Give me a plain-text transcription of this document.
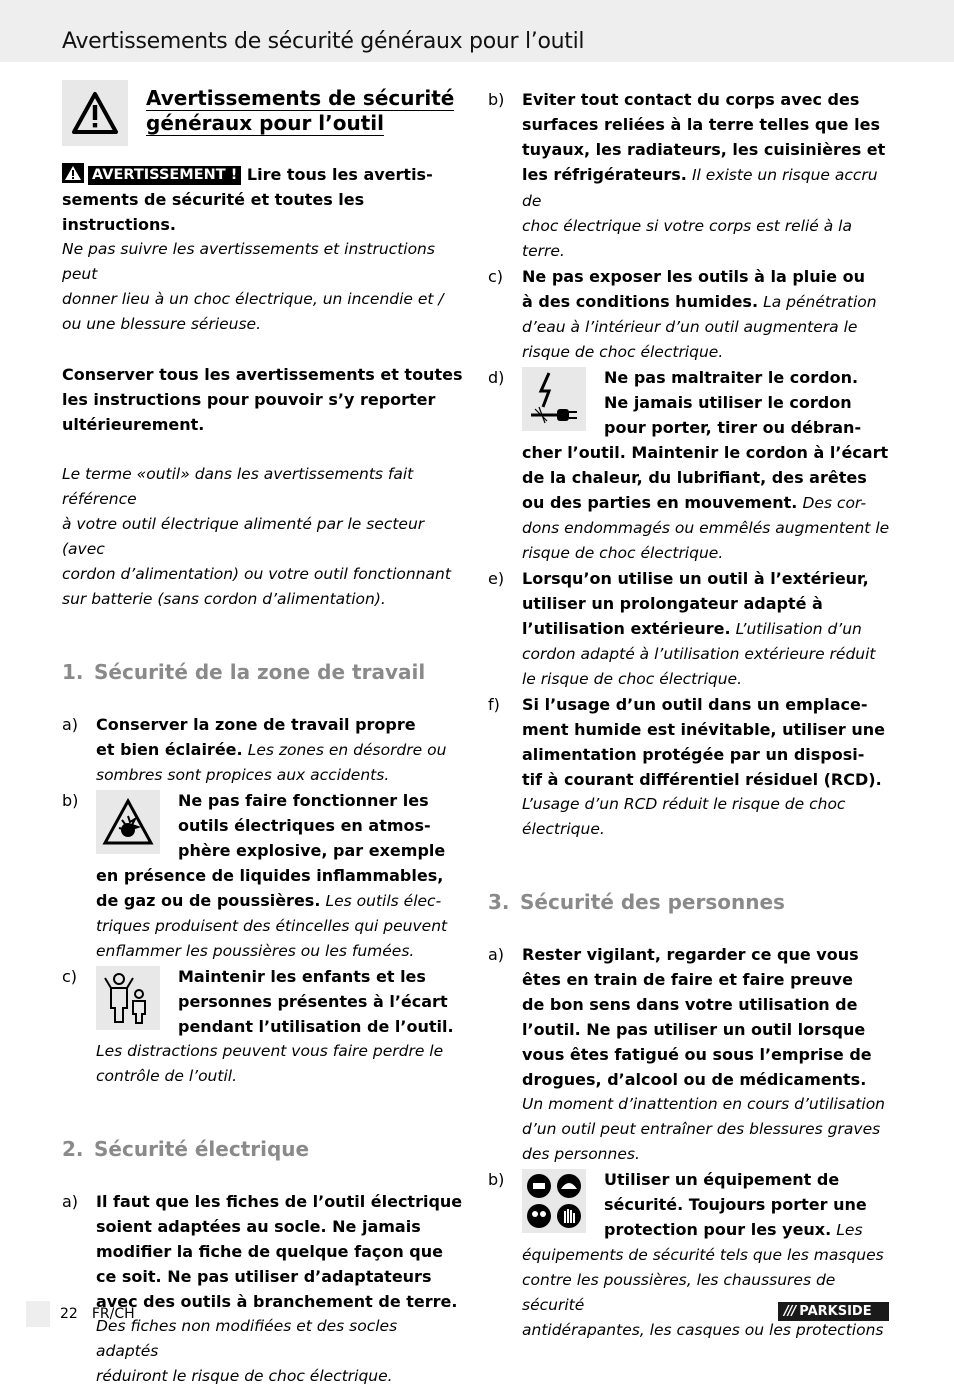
Avertissements de sécurité généraux pour l’outil
Avertissements de sécurité
généraux pour l’outil

AVERTISSEMENT ! Lire tous les avertis-
sements de sécurité et toutes les instructions.

Ne pas suivre les avertissements et instructions peut

donner lieu à un choc électrique, un incendie et /

ou une blessure sérieuse.

Conserver tous les avertissements et toutes

les instructions pour pouvoir s’y reporter

ultérieurement.

Le terme «outil» dans les avertissements fait référence

à votre outil électrique alimenté par le secteur (avec

cordon d’alimentation) ou votre outil fonctionnant

sur batterie (sans cordon d’alimentation).

1. Sécurité de la zone de travail

a)	Conserver la zone de travail propre

et bien éclairée. Les zones en désordre ou

sombres sont propices aux accidents.

b)	Ne pas faire fonctionner les

outils électriques en atmos-

phère explosive, par exemple

en présence de liquides inflammables,

de gaz ou de poussières. Les outils élec-

triques produisent des étincelles qui peuvent

enflammer les poussières ou les fumées.

c)	Maintenir les enfants et les

personnes présentes à l’écart

pendant l’utilisation de l’outil.

Les distractions peuvent vous faire perdre le

contrôle de l’outil.

2. Sécurité électrique

a)	Il faut que les fiches de l’outil électrique

soient adaptées au socle. Ne jamais

modifier la fiche de quelque façon que

ce soit. Ne pas utiliser d’adaptateurs

avec des outils à branchement de terre.

Des fiches non modifiées et des socles adaptés

réduiront le risque de choc électrique.

b)	Eviter tout contact du corps avec des

surfaces reliées à la terre telles que les

tuyaux, les radiateurs, les cuisinières et

les réfrigérateurs. Il existe un risque accru de

choc électrique si votre corps est relié à la terre.

c)	Ne pas exposer les outils à la pluie ou

à des conditions humides. La pénétration

d’eau à l’intérieur d’un outil augmentera le

risque de choc électrique.

d)	Ne pas maltraiter le cordon.

Ne jamais utiliser le cordon

pour porter, tirer ou débran-

cher l’outil. Maintenir le cordon à l’écart

de la chaleur, du lubrifiant, des arêtes

ou des parties en mouvement. Des cor-

dons endommagés ou emmêlés augmentent le

risque de choc électrique.

e)	Lorsqu’on utilise un outil à l’extérieur,

utiliser un prolongateur adapté à

l’utilisation extérieure. L’utilisation d’un

cordon adapté à l’utilisation extérieure réduit

le risque de choc électrique.

f)	Si l’usage d’un outil dans un emplace-

ment humide est inévitable, utiliser une

alimentation protégée par un disposi-

tif à courant différentiel résiduel (RCD).

L’usage d’un RCD réduit le risque de choc

électrique.

3. Sécurité des personnes

a)	Rester vigilant, regarder ce que vous

êtes en train de faire et faire preuve

de bon sens dans votre utilisation de

l’outil. Ne pas utiliser un outil lorsque

vous êtes fatigué ou sous l’emprise de

drogues, d’alcool ou de médicaments.

Un moment d’inattention en cours d’utilisation

d’un outil peut entraîner des blessures graves

des personnes.

b)	Utiliser un équipement de

sécurité. Toujours porter une

protection pour les yeux. Les

équipements de sécurité tels que les masques

contre les poussières, les chaussures de sécurité

antidérapantes, les casques ou les protections

22 FR/CH	/// PARKSIDE
